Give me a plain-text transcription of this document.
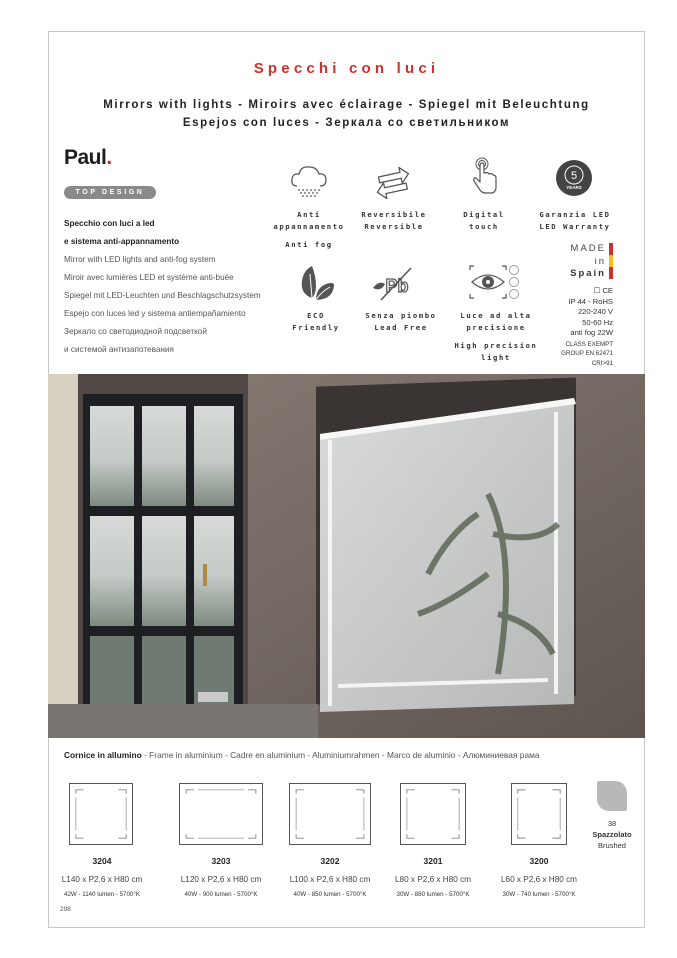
Specchi con luci
Mirrors with lights - Miroirs avec éclairage - Spiegel mit Beleuchtung
Espejos con luces - Зеркала со светильником
Paul.
TOP DESIGN
Specchio con luci a led
e sistema anti-appannamento
Mirror with LED lights and anti-fog system
Miroir avec lumières LED et système anti-buée
Spiegel mit LED-Leuchten und Beschlagschutzsystem
Espejo con luces led y sistema antiempañamiento
Зеркало со светодиодной подсветкой
и системой антизапотевания
Anti
appannamento
Anti fog
Reversibile
Reversible
Digital
touch
5
YEARS
Garanzia LED
LED Warranty
ECO
Friendly
Pb
Senza piombo
Lead Free
Luce ad alta
precisione
High precision
light
MADE
in
Spain
☐ CE
IP 44 - RoHS
220-240 V
50-60 Hz
anti fog 22W
CLASS EXEMPT
GROUP EN 62471
CRI>91
Cornice in allumino - Frame in aluminium - Cadre en aluminium - Aluminiumrahmen - Marco de aluminio - Алюминиевая рама
3204
L140 x P2,6 x H80 cm
42W - 1140 lumen - 5700°K
3203
L120 x P2,6 x H80 cm
40W - 900 lumen - 5700°K
3202
L100 x P2,6 x H80 cm
40W - 850 lumen - 5700°K
3201
L80 x P2,6 x H80 cm
30W - 880 lumen - 5700°K
3200
L60 x P2,6 x H80 cm
30W - 740 lumen - 5700°K
38
Spazzolato
Brushed
298
